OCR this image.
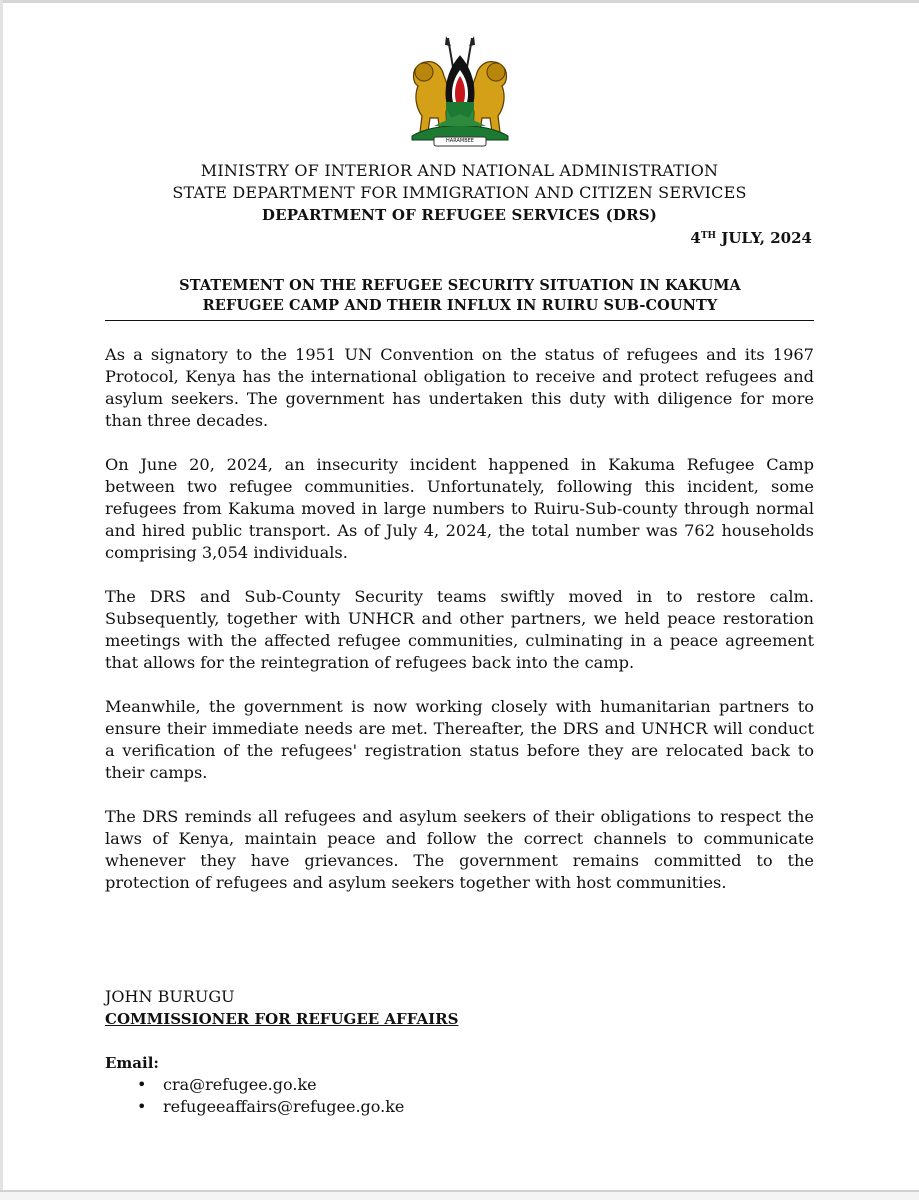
HARAMBEE
MINISTRY OF INTERIOR AND NATIONAL ADMINISTRATION
STATE DEPARTMENT FOR IMMIGRATION AND CITIZEN SERVICES
DEPARTMENT OF REFUGEE SERVICES (DRS)
4TH JULY, 2024
STATEMENT ON THE REFUGEE SECURITY SITUATION IN KAKUMA
REFUGEE CAMP AND THEIR INFLUX IN RUIRU SUB-COUNTY

As a signatory to the 1951 UN Convention on the status of refugees and its 1967 Protocol, Kenya has the international obligation to receive and protect refugees and asylum seekers. The government has undertaken this duty with diligence for more than three decades.

On June 20, 2024, an insecurity incident happened in Kakuma Refugee Camp between two refugee communities. Unfortunately, following this incident, some refugees from Kakuma moved in large numbers to Ruiru-Sub-county through normal and hired public transport. As of July 4, 2024, the total number was 762 households comprising 3,054 individuals.

The DRS and Sub-County Security teams swiftly moved in to restore calm. Subsequently, together with UNHCR and other partners, we held peace restoration meetings with the affected refugee communities, culminating in a peace agreement that allows for the reintegration of refugees back into the camp.

Meanwhile, the government is now working closely with humanitarian partners to ensure their immediate needs are met. Thereafter, the DRS and UNHCR will conduct a verification of the refugees' registration status before they are relocated back to their camps.

The DRS reminds all refugees and asylum seekers of their obligations to respect the laws of Kenya, maintain peace and follow the correct channels to communicate whenever they have grievances. The government remains committed to the protection of refugees and asylum seekers together with host communities.

JOHN BURUGU
COMMISSIONER FOR REFUGEE AFFAIRS
Email:
• cra@refugee.go.ke
• refugeeaffairs@refugee.go.ke
